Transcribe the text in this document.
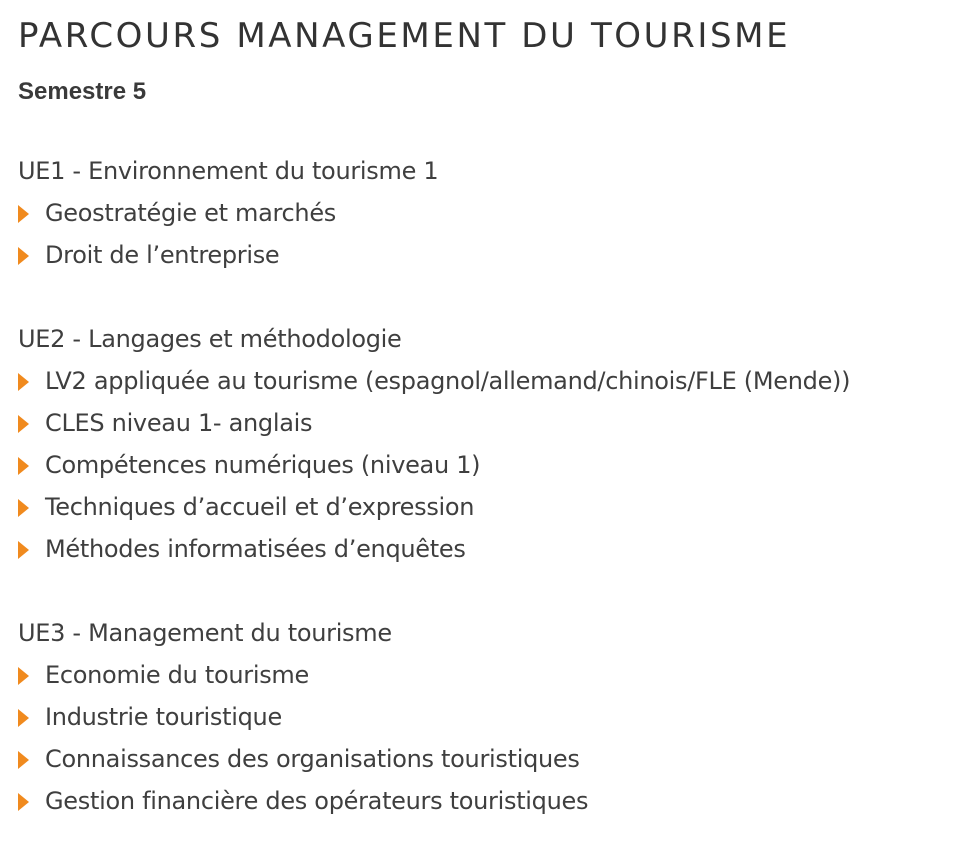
PARCOURS MANAGEMENT DU TOURISME
Semestre 5
UE1 - Environnement du tourisme 1
Geostratégie et marchés
Droit de l’entreprise
UE2 - Langages et méthodologie
LV2 appliquée au tourisme (espagnol/allemand/chinois/FLE (Mende))
CLES niveau 1- anglais
Compétences numériques (niveau 1)
Techniques d’accueil et d’expression
Méthodes informatisées d’enquêtes
UE3 - Management du tourisme
Economie du tourisme
Industrie touristique
Connaissances des organisations touristiques
Gestion financière des opérateurs touristiques
